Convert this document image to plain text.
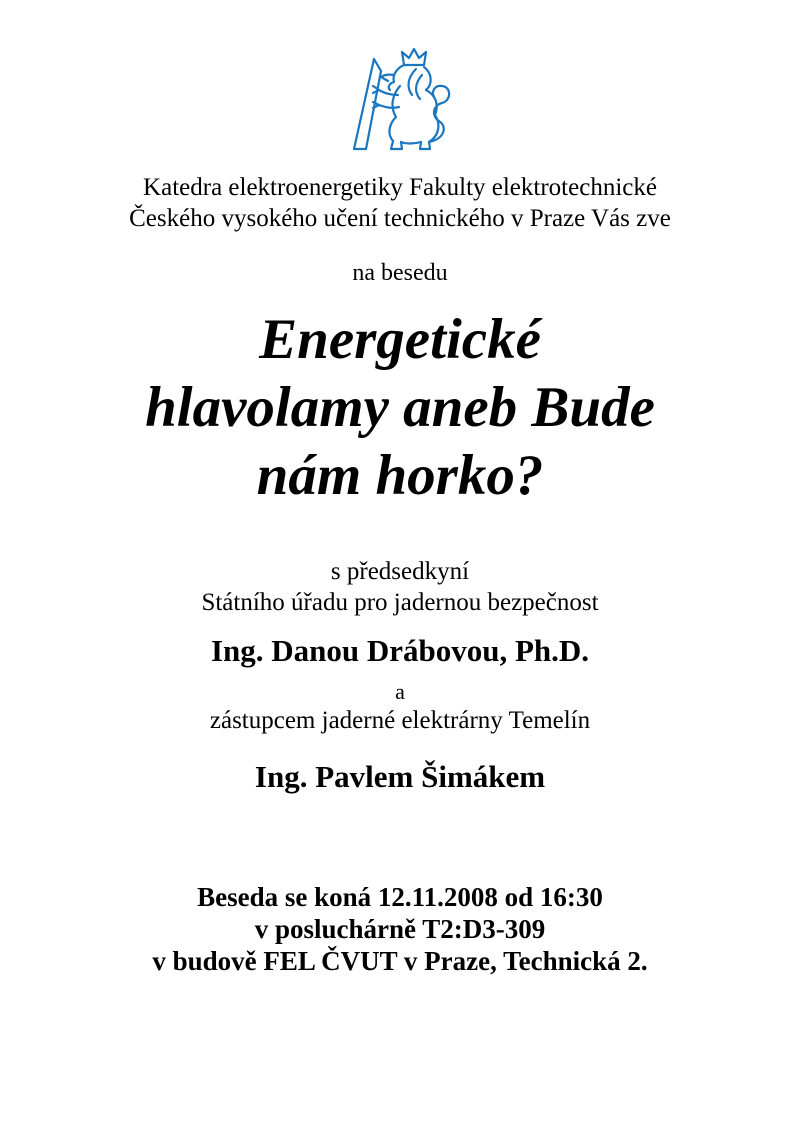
Katedra elektroenergetiky Fakulty elektrotechnické
Českého vysokého učení technického v Praze Vás zve
na besedu
Energetické
hlavolamy aneb Bude
nám horko?
s předsedkyní
Státního úřadu pro jadernou bezpečnost
Ing. Danou Drábovou, Ph.D.
a
zástupcem jaderné elektrárny Temelín
Ing. Pavlem Šimákem
Beseda se koná 12.11.2008 od 16:30
v posluchárně T2:D3-309
v budově FEL ČVUT v Praze, Technická 2.
